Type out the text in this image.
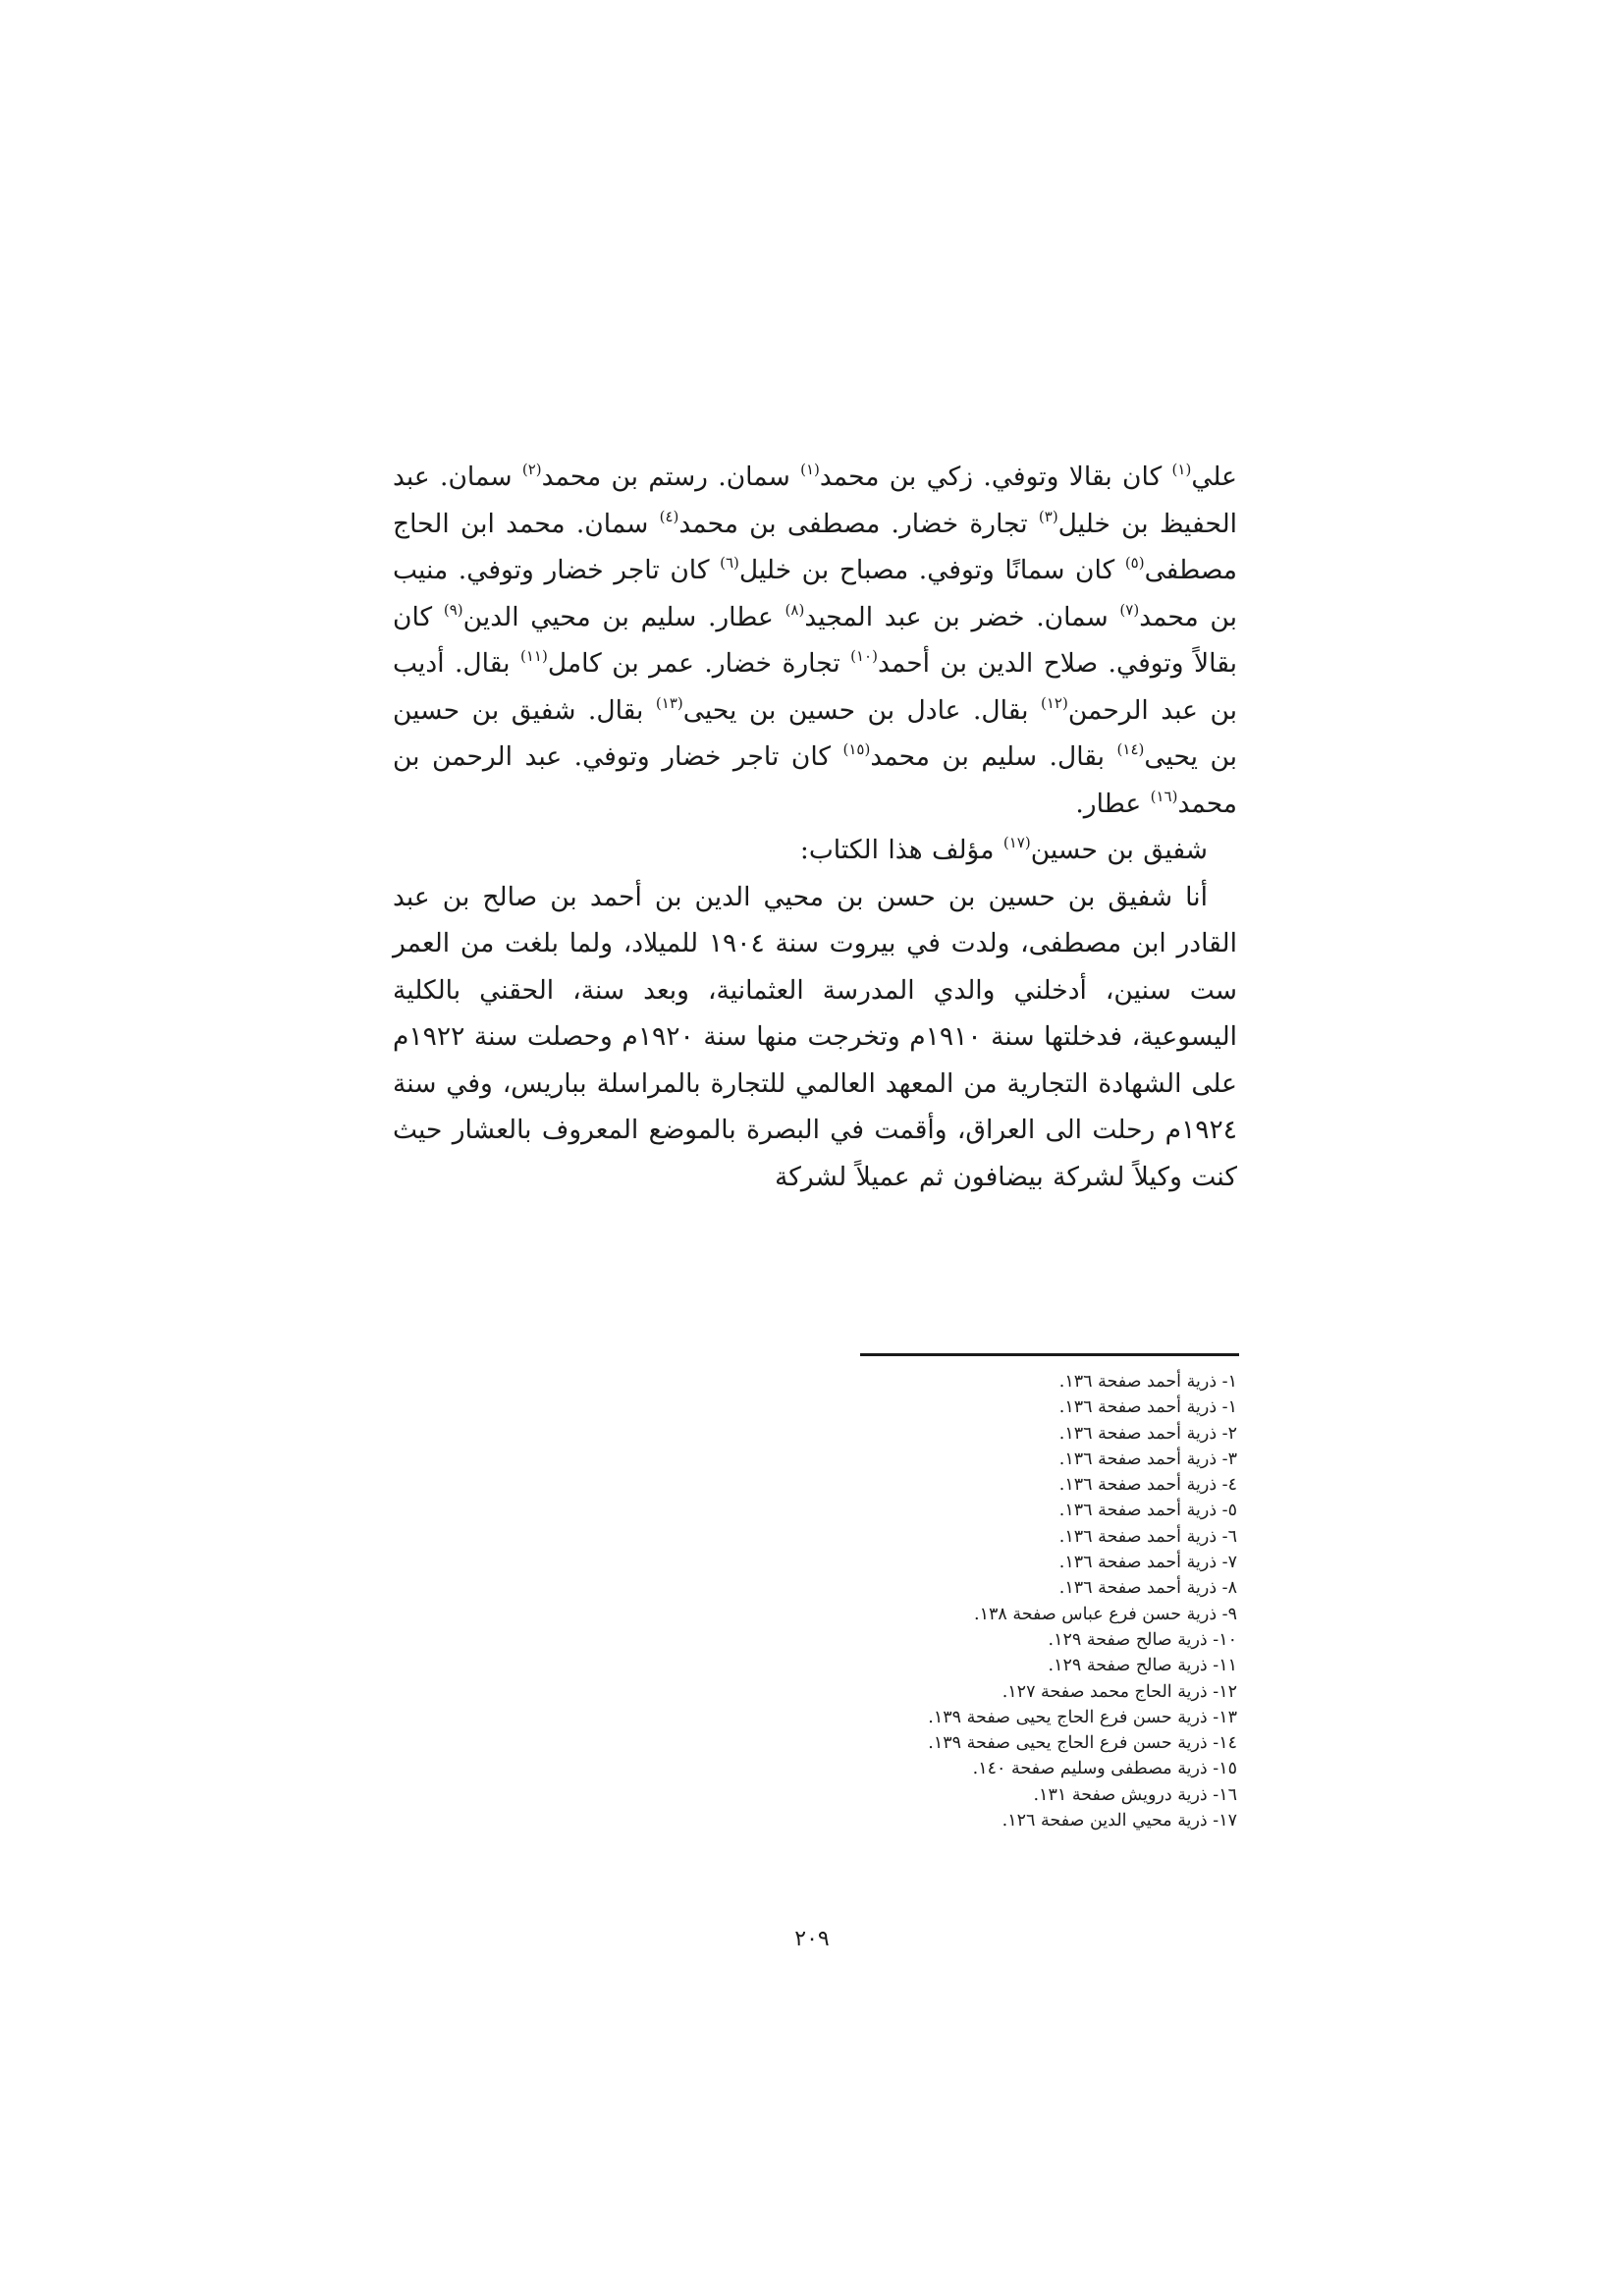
علي$^{(١)}$ كان بقالا وتوفي. زكي بن محمد$^{(١)}$ سمان. رستم بن محمد$^{(٢)}$ سمان. عبد الحفيظ بن خليل$^{(٣)}$ تجارة خضار. مصطفى بن محمد$^{(٤)}$ سمان. محمد ابن الحاج مصطفى$^{(٥)}$ كان سمانًا وتوفي. مصباح بن خليل$^{(٦)}$ كان تاجر خضار وتوفي. منيب بن محمد$^{(٧)}$ سمان. خضر بن عبد المجيد$^{(٨)}$ عطار. سليم بن محيي الدين$^{(٩)}$ كان بقالاً وتوفي. صلاح الدين بن أحمد$^{(١٠)}$ تجارة خضار. عمر بن كامل$^{(١١)}$ بقال. أديب بن عبد الرحمن$^{(١٢)}$ بقال. عادل بن حسين بن يحيى$^{(١٣)}$ بقال. شفيق بن حسين بن يحيى$^{(١٤)}$ بقال. سليم بن محمد$^{(١٥)}$ كان تاجر خضار وتوفي. عبد الرحمن بن محمد$^{(١٦)}$ عطار.

شفيق بن حسين$^{(١٧)}$ مؤلف هذا الكتاب:

أنا شفيق بن حسين بن حسن بن محيي الدين بن أحمد بن صالح بن عبد القادر ابن مصطفى، ولدت في بيروت سنة ١٩٠٤ للميلاد، ولما بلغت من العمر ست سنين، أدخلني والدي المدرسة العثمانية، وبعد سنة، الحقني بالكلية اليسوعية، فدخلتها سنة ١٩١٠م وتخرجت منها سنة ١٩٢٠م وحصلت سنة ١٩٢٢م على الشهادة التجارية من المعهد العالمي للتجارة بالمراسلة بباريس، وفي سنة ١٩٢٤م رحلت الى العراق، وأقمت في البصرة بالموضع المعروف بالعشار حيث كنت وكيلاً لشركة بيضافون ثم عميلاً لشركة

١- ذرية أحمد صفحة ١٣٦.
١- ذرية أحمد صفحة ١٣٦.
٢- ذرية أحمد صفحة ١٣٦.
٣- ذرية أحمد صفحة ١٣٦.
٤- ذرية أحمد صفحة ١٣٦.
٥- ذرية أحمد صفحة ١٣٦.
٦- ذرية أحمد صفحة ١٣٦.
٧- ذرية أحمد صفحة ١٣٦.
٨- ذرية أحمد صفحة ١٣٦.
٩- ذرية حسن فرع عباس صفحة ١٣٨.
١٠- ذرية صالح صفحة ١٢٩.
١١- ذرية صالح صفحة ١٢٩.
١٢- ذرية الحاج محمد صفحة ١٢٧.
١٣- ذرية حسن فرع الحاج يحيى صفحة ١٣٩.
١٤- ذرية حسن فرع الحاج يحيى صفحة ١٣٩.
١٥- ذرية مصطفى وسليم صفحة ١٤٠.
١٦- ذرية درويش صفحة ١٣١.
١٧- ذرية محيي الدين صفحة ١٢٦.
٢٠٩
